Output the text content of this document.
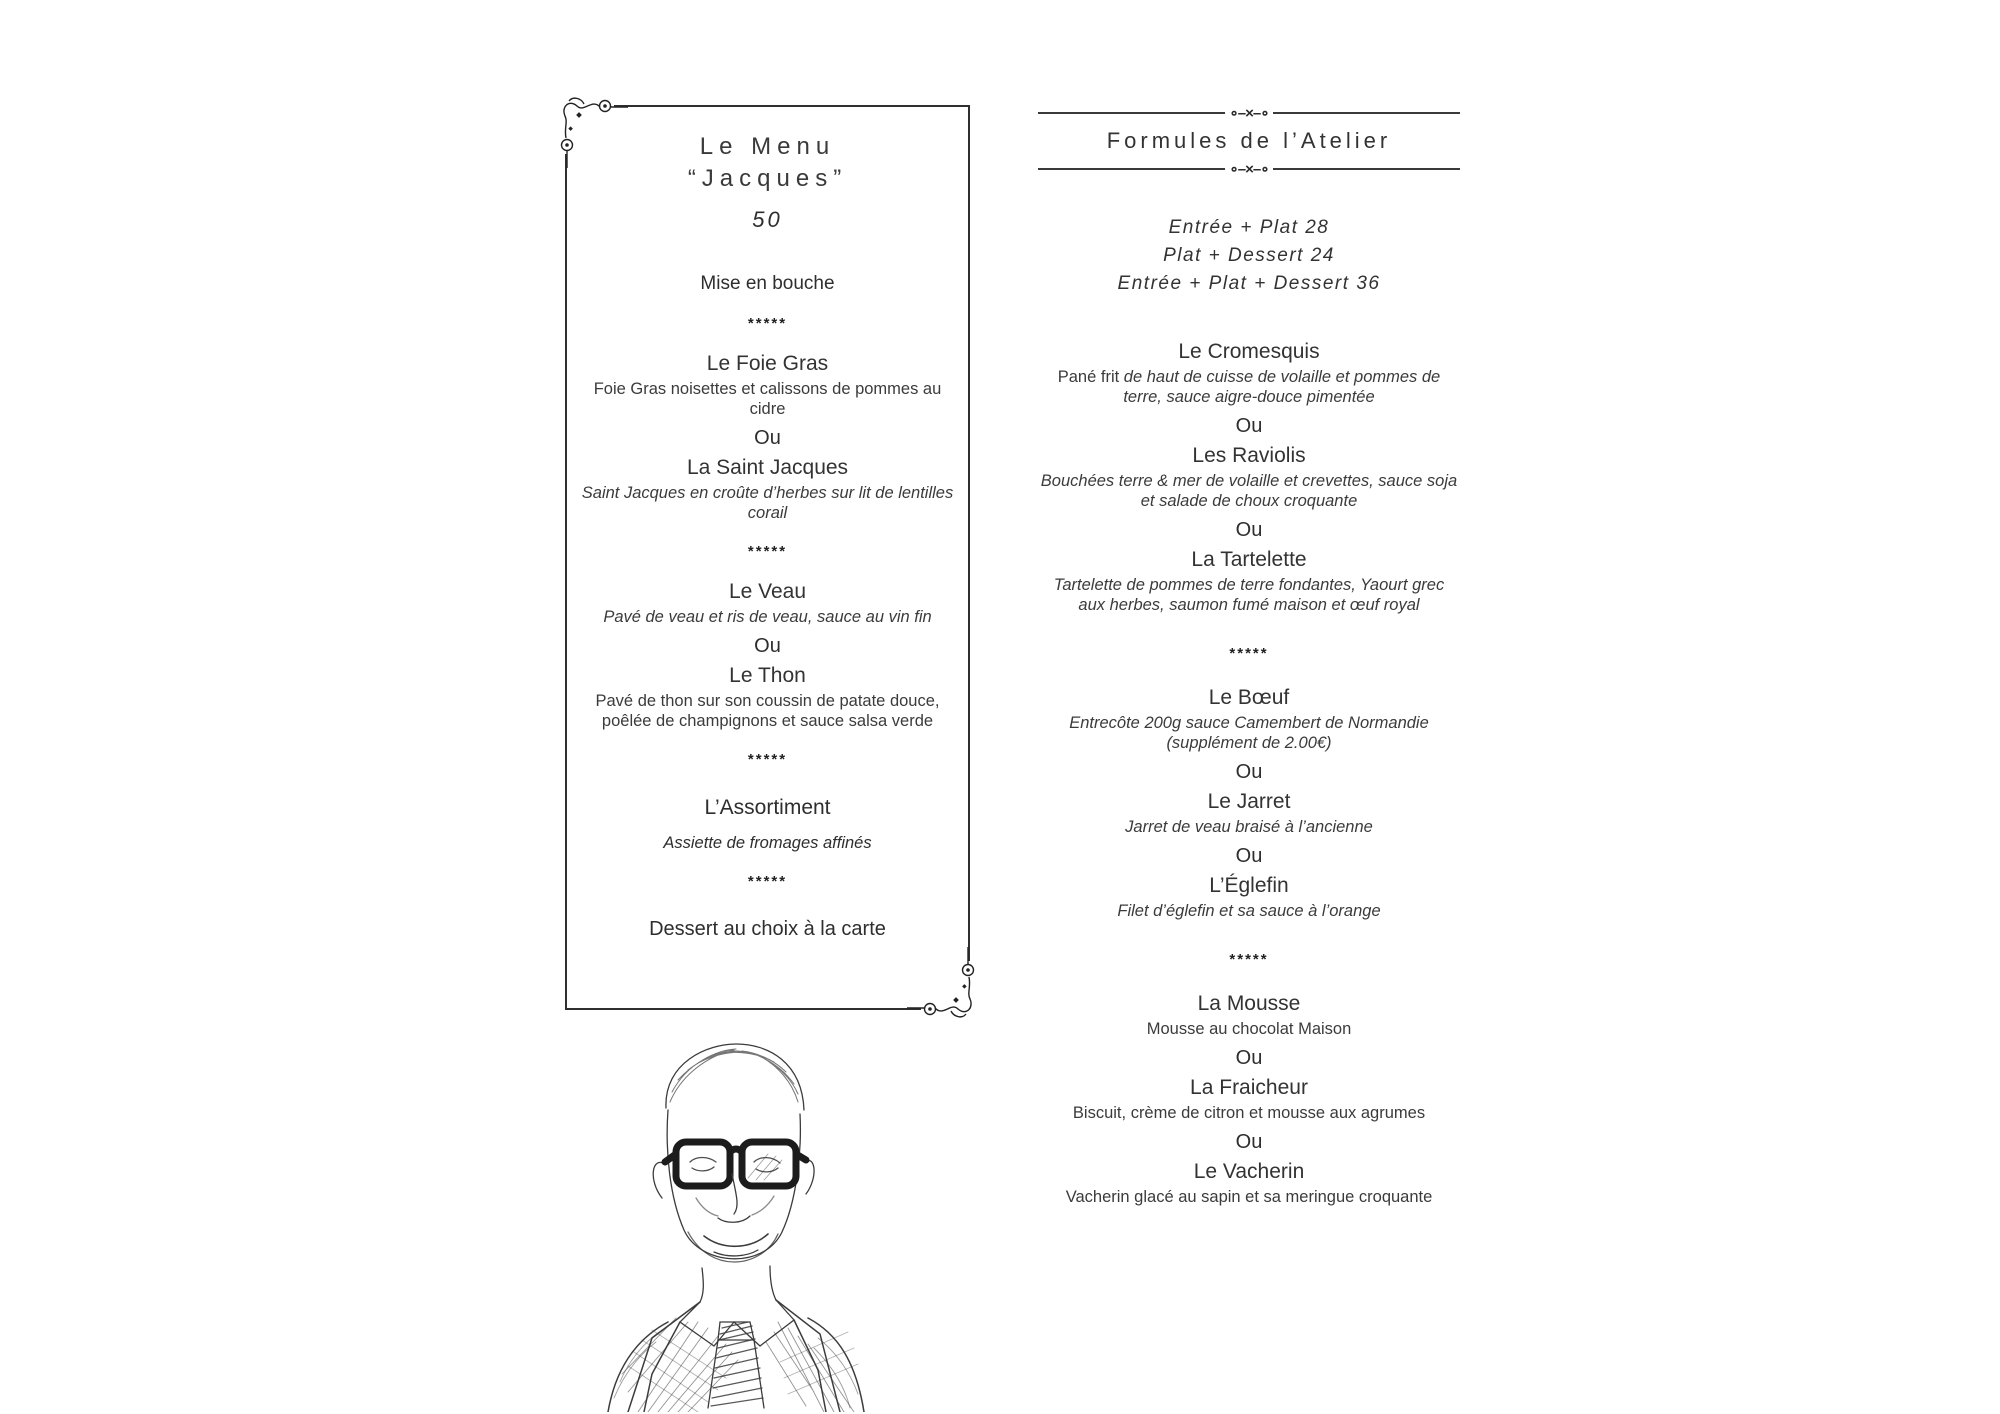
Le Menu
“Jacques”
50
Mise en bouche
*****
Le Foie Gras
Foie Gras noisettes et calissons de pommes au cidre
Ou
La Saint Jacques
Saint Jacques en croûte d’herbes sur lit de lentilles corail
*****
Le Veau
Pavé de veau et ris de veau, sauce au vin fin
Ou
Le Thon
Pavé de thon sur son coussin de patate douce, poêlée de champignons et sauce salsa verde
*****
L’Assortiment
Assiette de fromages affinés
*****
Dessert au choix à la carte
∘–×–∘
Formules de l’Atelier
∘–×–∘
Entrée + Plat 28
Plat + Dessert 24
Entrée + Plat + Dessert 36
Le Cromesquis
Pané frit de haut de cuisse de volaille et pommes de terre, sauce aigre-douce pimentée
Ou
Les Raviolis
Bouchées terre & mer de volaille et crevettes, sauce soja et salade de choux croquante
Ou
La Tartelette
Tartelette de pommes de terre fondantes, Yaourt grec aux herbes, saumon fumé maison et œuf royal
*****
Le Bœuf
Entrecôte 200g sauce Camembert de Normandie (supplément de 2.00€)
Ou
Le Jarret
Jarret de veau braisé à l’ancienne
Ou
L’Églefin
Filet d’églefin et sa sauce à l’orange
*****
La Mousse
Mousse au chocolat Maison
Ou
La Fraicheur
Biscuit, crème de citron et mousse aux agrumes
Ou
Le Vacherin
Vacherin glacé au sapin et sa meringue croquante
